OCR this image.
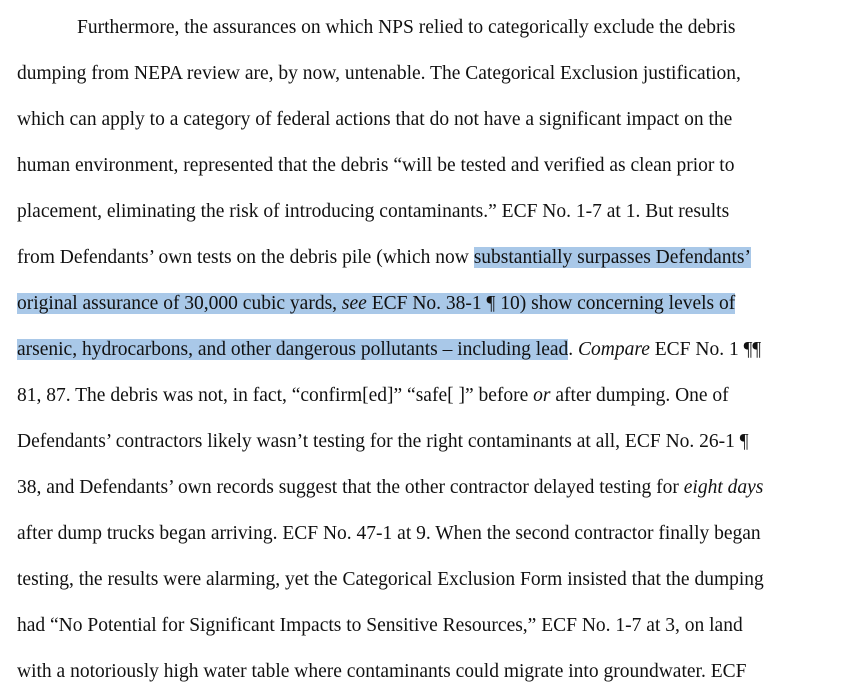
Furthermore, the assurances on which NPS relied to categorically exclude the debris
dumping from NEPA review are, by now, untenable. The Categorical Exclusion justification,
which can apply to a category of federal actions that do not have a significant impact on the
human environment, represented that the debris “will be tested and verified as clean prior to
placement, eliminating the risk of introducing contaminants.” ECF No. 1-7 at 1. But results
from Defendants’ own tests on the debris pile (which now substantially surpasses Defendants’
original assurance of 30,000 cubic yards, see ECF No. 38-1 ¶ 10) show concerning levels of
arsenic, hydrocarbons, and other dangerous pollutants – including lead. Compare ECF No. 1 ¶¶
81, 87. The debris was not, in fact, “confirm[ed]” “safe[ ]” before or after dumping. One of
Defendants’ contractors likely wasn’t testing for the right contaminants at all, ECF No. 26-1 ¶
38, and Defendants’ own records suggest that the other contractor delayed testing for eight days
after dump trucks began arriving. ECF No. 47-1 at 9. When the second contractor finally began
testing, the results were alarming, yet the Categorical Exclusion Form insisted that the dumping
had “No Potential for Significant Impacts to Sensitive Resources,” ECF No. 1-7 at 3, on land
with a notoriously high water table where contaminants could migrate into groundwater. ECF
